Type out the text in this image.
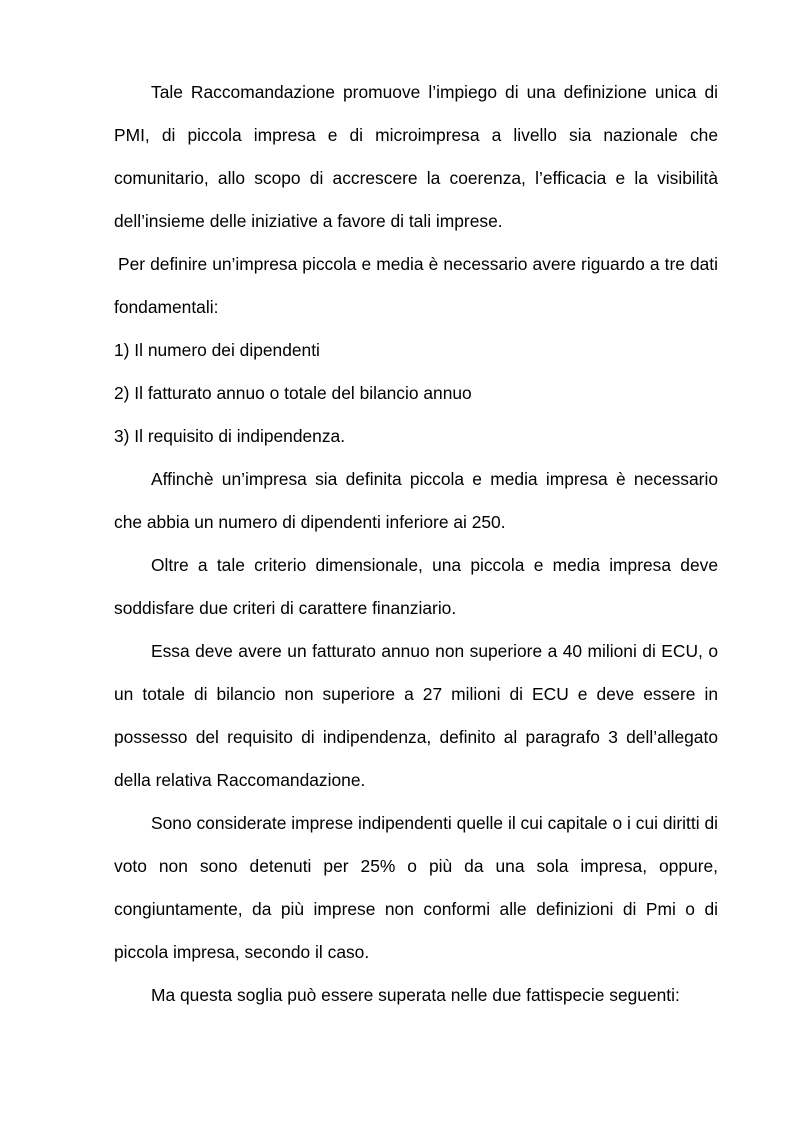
Tale Raccomandazione promuove l’impiego di una definizione unica di PMI, di piccola impresa e di microimpresa a livello sia nazionale che comunitario, allo scopo di accrescere la coerenza, l’efficacia e la visibilità dell’insieme delle iniziative a favore di tali imprese.

Per definire un’impresa piccola e media è necessario avere riguardo a tre dati fondamentali:

1) Il numero dei dipendenti

2) Il fatturato annuo o totale del bilancio annuo

3) Il requisito di indipendenza.

Affinchè un’impresa sia definita piccola e media impresa è necessario che abbia un numero di dipendenti inferiore ai 250.

Oltre a tale criterio dimensionale, una piccola e media impresa deve soddisfare due criteri di carattere finanziario.

Essa deve avere un fatturato annuo non superiore a 40 milioni di ECU, o un totale di bilancio non superiore a 27 milioni di ECU e deve essere in possesso del requisito di indipendenza, definito al paragrafo 3 dell’allegato della relativa Raccomandazione.

Sono considerate imprese indipendenti quelle il cui capitale o i cui diritti di voto non sono detenuti per 25% o più da una sola impresa, oppure, congiuntamente, da più imprese non conformi alle definizioni di Pmi o di piccola impresa, secondo il caso.

Ma questa soglia può essere superata nelle due fattispecie seguenti:
